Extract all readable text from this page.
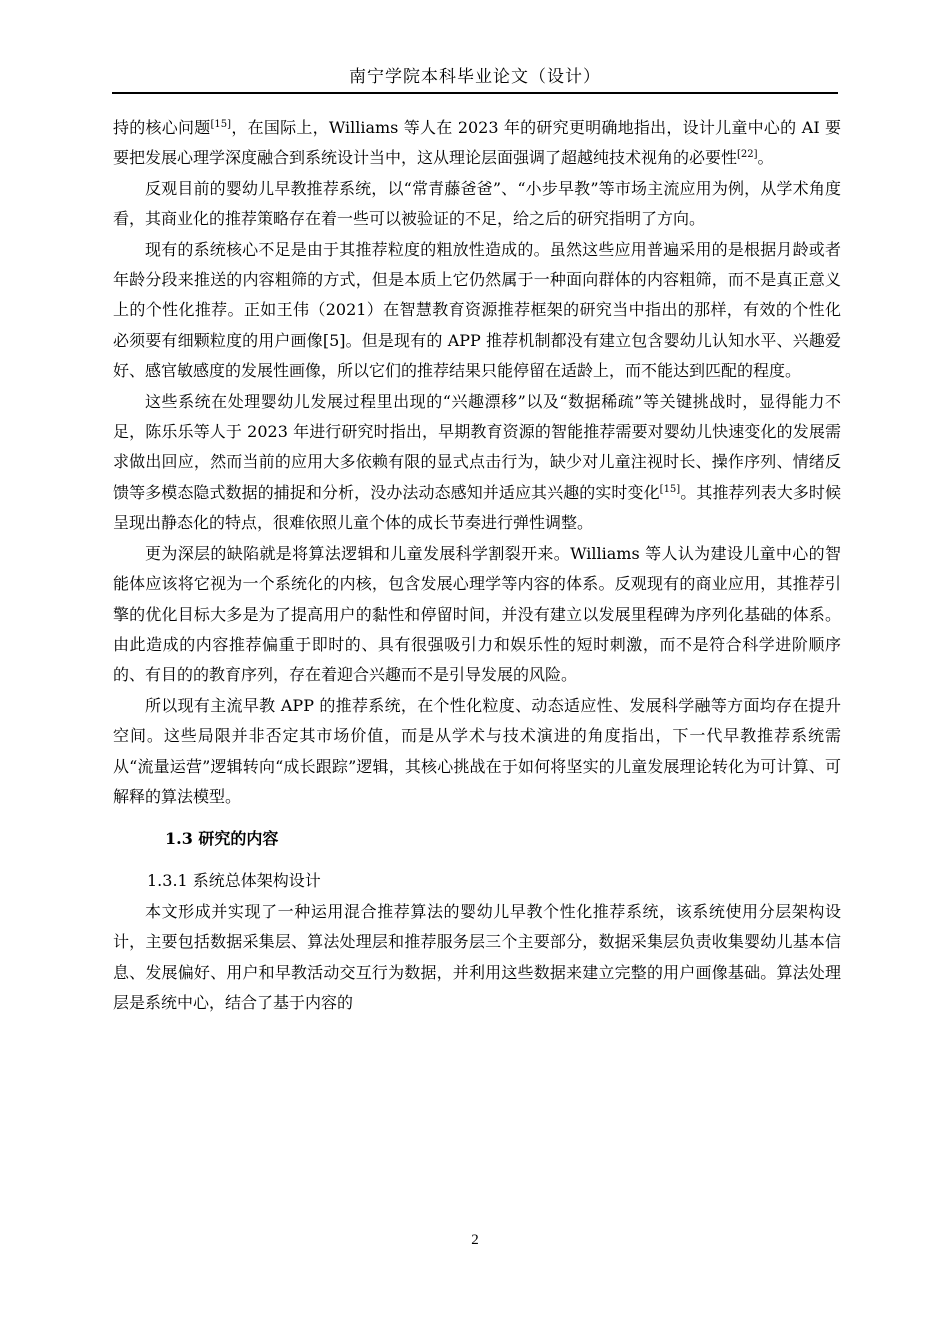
南宁学院本科毕业论文（设计）

持的核心问题[15]，在国际上，Williams 等人在 2023 年的研究更明确地指出，设计儿童中心的 AI 要要把发展心理学深度融合到系统设计当中，这从理论层面强调了超越纯技术视角的必要性[22]。

反观目前的婴幼儿早教推荐系统，以“常青藤爸爸”、“小步早教”等市场主流应用为例，从学术角度看，其商业化的推荐策略存在着一些可以被验证的不足，给之后的研究指明了方向。

现有的系统核心不足是由于其推荐粒度的粗放性造成的。虽然这些应用普遍采用的是根据月龄或者年龄分段来推送的内容粗筛的方式，但是本质上它仍然属于一种面向群体的内容粗筛，而不是真正意义上的个性化推荐。正如王伟（2021）在智慧教育资源推荐框架的研究当中指出的那样，有效的个性化必须要有细颗粒度的用户画像[5]。但是现有的 APP 推荐机制都没有建立包含婴幼儿认知水平、兴趣爱好、感官敏感度的发展性画像，所以它们的推荐结果只能停留在适龄上，而不能达到匹配的程度。

这些系统在处理婴幼儿发展过程里出现的“兴趣漂移”以及“数据稀疏”等关键挑战时，显得能力不足，陈乐乐等人于 2023 年进行研究时指出，早期教育资源的智能推荐需要对婴幼儿快速变化的发展需求做出回应，然而当前的应用大多依赖有限的显式点击行为，缺少对儿童注视时长、操作序列、情绪反馈等多模态隐式数据的捕捉和分析，没办法动态感知并适应其兴趣的实时变化[15]。其推荐列表大多时候呈现出静态化的特点，很难依照儿童个体的成长节奏进行弹性调整。

更为深层的缺陷就是将算法逻辑和儿童发展科学割裂开来。Williams 等人认为建设儿童中心的智能体应该将它视为一个系统化的内核，包含发展心理学等内容的体系。反观现有的商业应用，其推荐引擎的优化目标大多是为了提高用户的黏性和停留时间，并没有建立以发展里程碑为序列化基础的体系。由此造成的内容推荐偏重于即时的、具有很强吸引力和娱乐性的短时刺激，而不是符合科学进阶顺序的、有目的的教育序列，存在着迎合兴趣而不是引导发展的风险。

所以现有主流早教 APP 的推荐系统，在个性化粒度、动态适应性、发展科学融等方面均存在提升空间。这些局限并非否定其市场价值，而是从学术与技术演进的角度指出，下一代早教推荐系统需从“流量运营”逻辑转向“成长跟踪”逻辑，其核心挑战在于如何将坚实的儿童发展理论转化为可计算、可解释的算法模型。

1.3 研究的内容

1.3.1 系统总体架构设计

本文形成并实现了一种运用混合推荐算法的婴幼儿早教个性化推荐系统，该系统使用分层架构设计，主要包括数据采集层、算法处理层和推荐服务层三个主要部分，数据采集层负责收集婴幼儿基本信息、发展偏好、用户和早教活动交互行为数据，并利用这些数据来建立完整的用户画像基础。算法处理层是系统中心，结合了基于内容的

2
